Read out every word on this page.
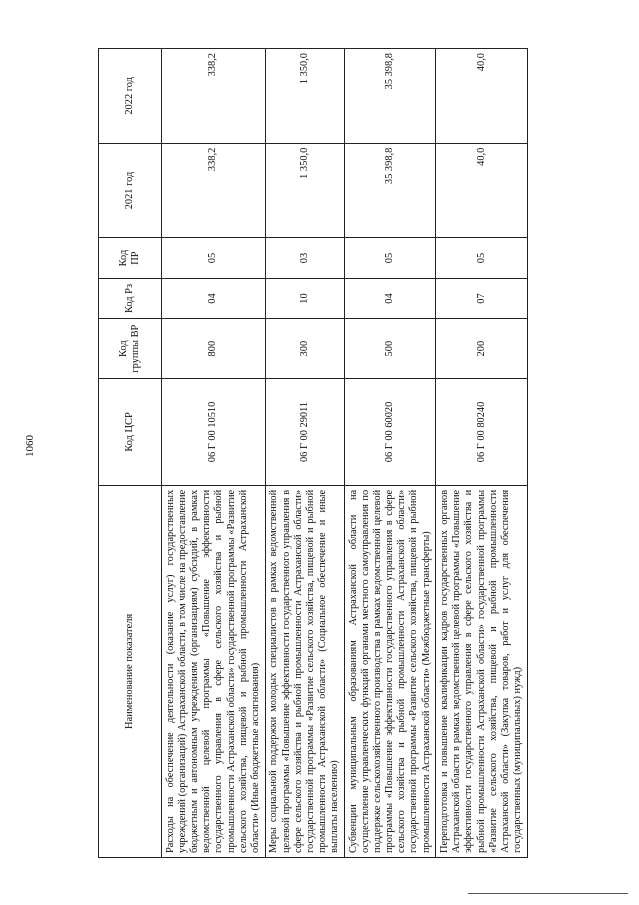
1060
Наименование показателя	Код ЦСР	Код группы ВР	Код Рз	Код ПР	2021 год	2022 год
Расходы на обеспечение деятельности (оказание услуг) государственных учреждений (организаций) Астраханской области, в том числе на предоставление бюджетным и автономным учреждениям (организациям) субсидий, в рамках ведомственной целевой программы «Повышение эффективности государственного управления в сфере сельского хозяйства и рыбной промышленности Астраханской области» государственной программы «Развитие сельского хозяйства, пищевой и рыбной промышленности Астраханской области» (Иные бюджетные ассигнования)	06 Г 00 10510	800	04	05	338,2	338,2
Меры социальной поддержки молодых специалистов в рамках ведомственной целевой программы «Повышение эффективности государственного управления в сфере сельского хозяйства и рыбной промышленности Астраханской области» государственной программы «Развитие сельского хозяйства, пищевой и рыбной промышленности Астраханской области» (Социальное обеспечение и иные выплаты населению)	06 Г 00 29011	300	10	03	1 350,0	1 350,0
Субвенции муниципальным образованиям Астраханской области на осуществление управленческих функций органами местного самоуправления по поддержке сельскохозяйственного производства в рамках ведомственной целевой программы «Повышение эффективности государственного управления в сфере сельского хозяйства и рыбной промышленности Астраханской области» государственной программы «Развитие сельского хозяйства, пищевой и рыбной промышленности Астраханской области» (Межбюджетные трансферты)	06 Г 00 60020	500	04	05	35 398,8	35 398,8
Переподготовка и повышение квалификации кадров государственных органов Астраханской области в рамках ведомственной целевой программы «Повышение эффективности государственного управления в сфере сельского хозяйства и рыбной промышленности Астраханской области» государственной программы «Развитие сельского хозяйства, пищевой и рыбной промышленности Астраханской области» (Закупка товаров, работ и услуг для обеспечения государственных (муниципальных) нужд)	06 Г 00 80240	200	07	05	40,0	40,0
